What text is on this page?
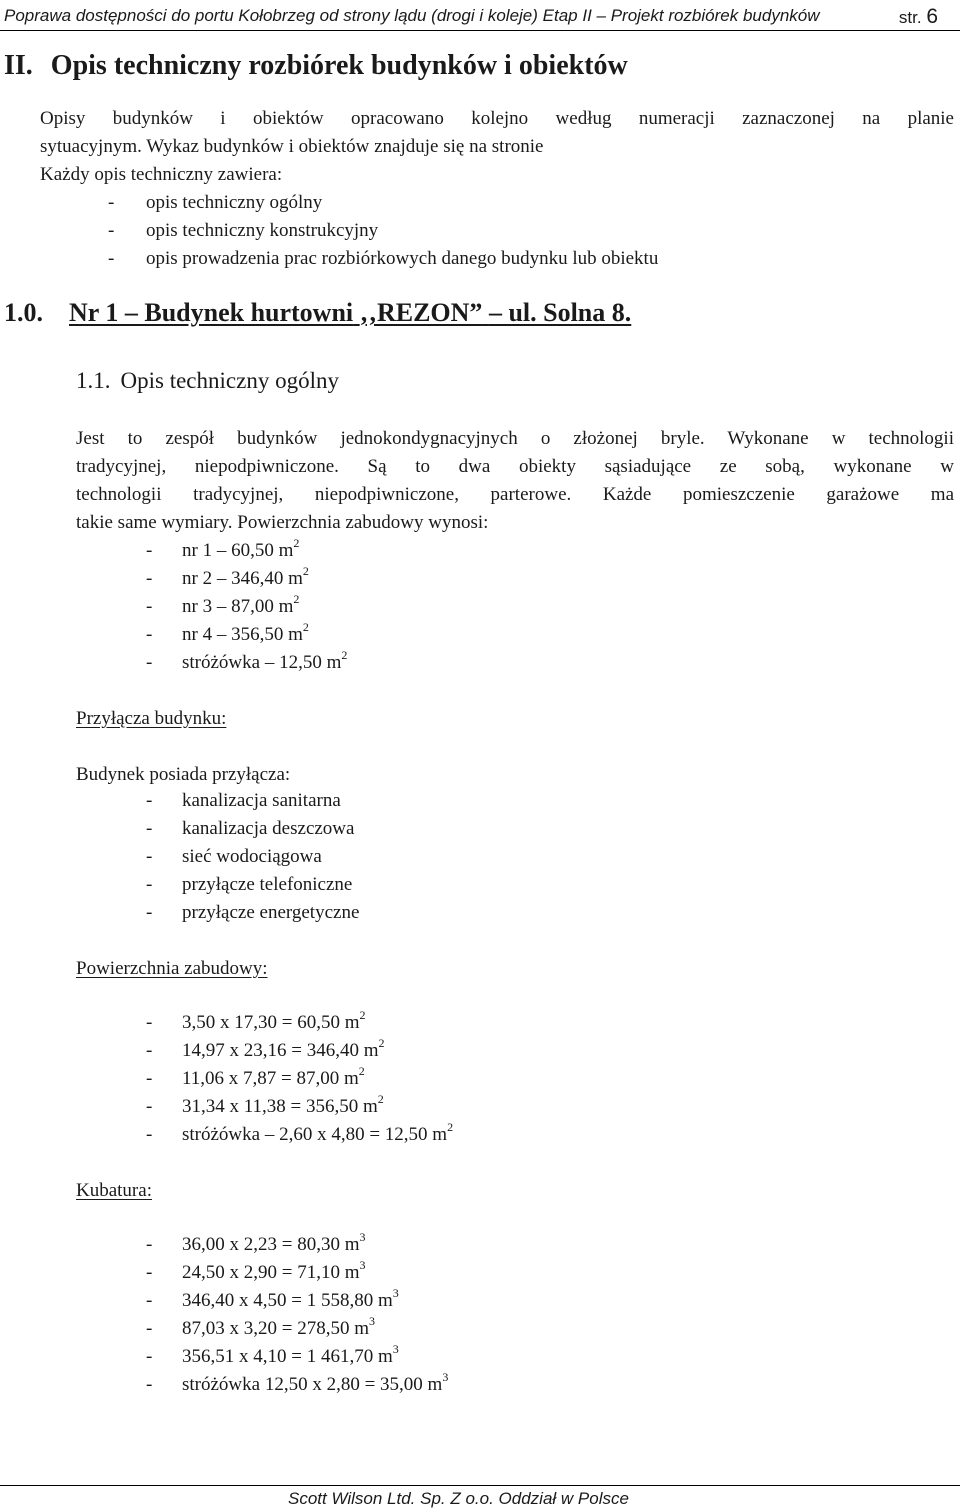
Poprawa dostępności do portu Kołobrzeg od strony lądu (drogi i koleje) Etap II – Projekt rozbiórek budynków	str. 6
II. Opis techniczny rozbiórek budynków i obiektów
Opisy budynków i obiektów opracowano kolejno według numeracji zaznaczonej na planie
sytuacyjnym. Wykaz budynków i obiektów znajduje się na stronie
Każdy opis techniczny zawiera:
- opis techniczny ogólny
- opis techniczny konstrukcyjny
- opis prowadzenia prac rozbiórkowych danego budynku lub obiektu
1.0. Nr 1 – Budynek hurtowni ‚‚REZON” – ul. Solna 8.
1.1. Opis techniczny ogólny
Jest to zespół budynków jednokondygnacyjnych o złożonej bryle. Wykonane w technologii
tradycyjnej, niepodpiwniczone. Są to dwa obiekty sąsiadujące ze sobą, wykonane w
technologii tradycyjnej, niepodpiwniczone, parterowe. Każde pomieszczenie garażowe ma
takie same wymiary. Powierzchnia zabudowy wynosi:
- nr 1 – 60,50 $m^2$
- nr 2 – 346,40 $m^2$
- nr 3 – 87,00 $m^2$
- nr 4 – 356,50 $m^2$
- stróżówka – 12,50 $m^2$
Przyłącza budynku:
Budynek posiada przyłącza:
- kanalizacja sanitarna
- kanalizacja deszczowa
- sieć wodociągowa
- przyłącze telefoniczne
- przyłącze energetyczne
Powierzchnia zabudowy:
- 3,50 x 17,30 = 60,50 $m^2$
- 14,97 x 23,16 = 346,40 $m^2$
- 11,06 x 7,87 = 87,00 $m^2$
- 31,34 x 11,38 = 356,50 $m^2$
- stróżówka – 2,60 x 4,80 = 12,50 $m^2$
Kubatura:
- 36,00 x 2,23 = 80,30 $m^3$
- 24,50 x 2,90 = 71,10 $m^3$
- 346,40 x 4,50 = 1 558,80 $m^3$
- 87,03 x 3,20 = 278,50 $m^3$
- 356,51 x 4,10 = 1 461,70 $m^3$
- stróżówka 12,50 x 2,80 = 35,00 $m^3$
Scott Wilson Ltd. Sp. Z o.o. Oddział w Polsce
